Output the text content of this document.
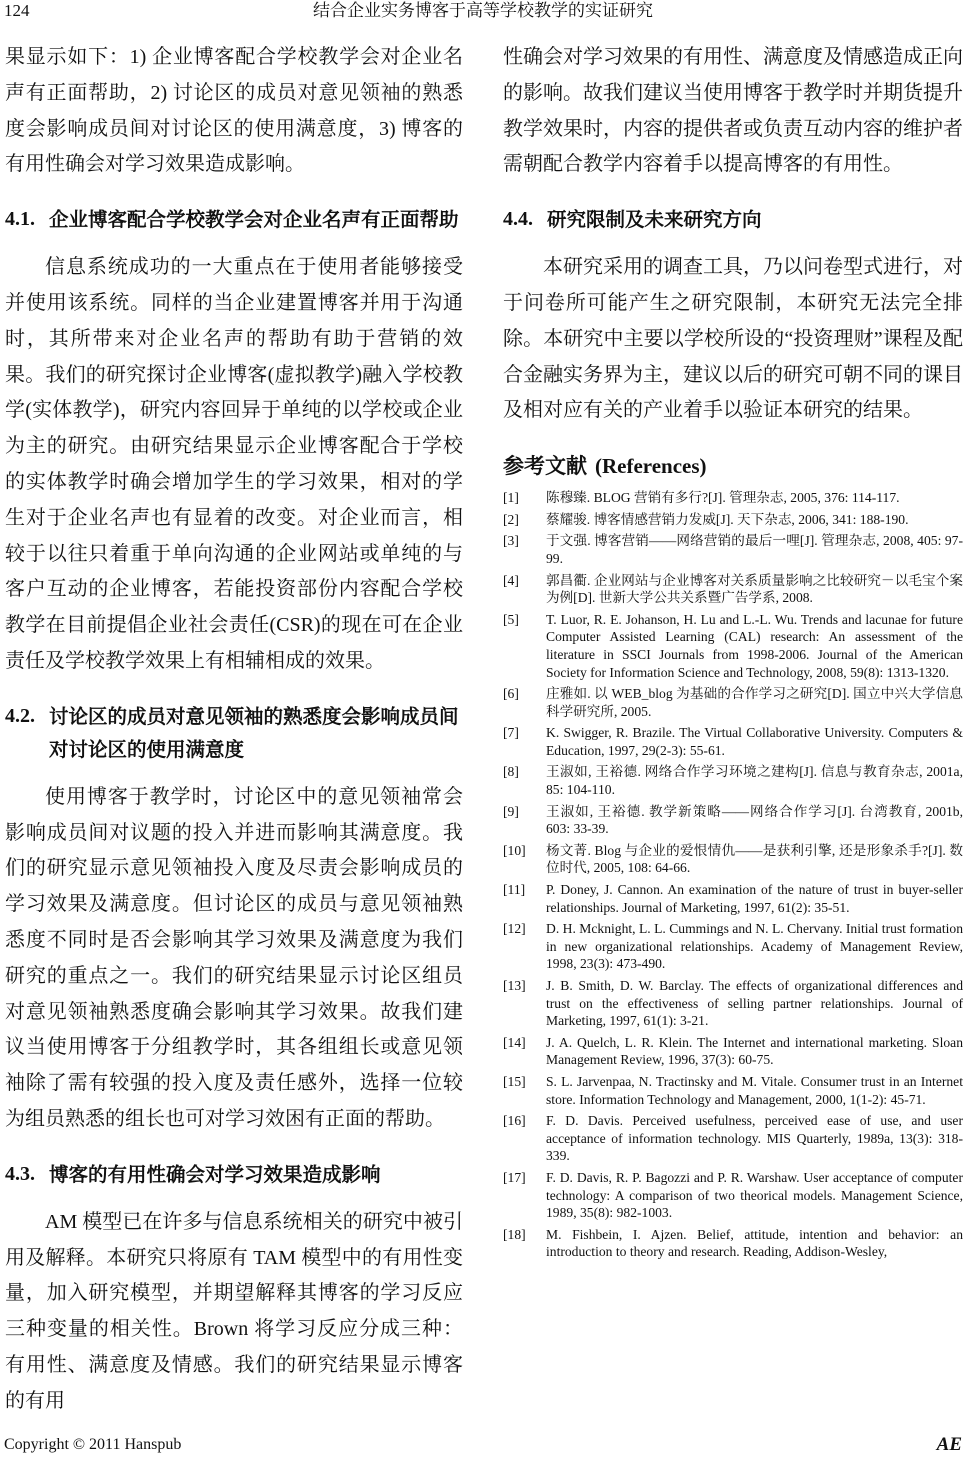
124	结合企业实务博客于高等学校教学的实证研究

果显示如下：1) 企业博客配合学校教学会对企业名声有正面帮助，2) 讨论区的成员对意见领袖的熟悉度会影响成员间对讨论区的使用满意度，3) 博客的有用性确会对学习效果造成影响。

4.1. 企业博客配合学校教学会对企业名声有正面帮助

信息系统成功的一大重点在于使用者能够接受并使用该系统。同样的当企业建置博客并用于沟通时，其所带来对企业名声的帮助有助于营销的效果。我们的研究探讨企业博客(虚拟教学)融入学校教学(实体教学)，研究内容回异于单纯的以学校或企业为主的研究。由研究结果显示企业博客配合于学校的实体教学时确会增加学生的学习效果，相对的学生对于企业名声也有显着的改变。对企业而言，相较于以往只着重于单向沟通的企业网站或单纯的与客户互动的企业博客，若能投资部份内容配合学校教学在目前提倡企业社会责任(CSR)的现在可在企业责任及学校教学效果上有相辅相成的效果。

4.2. 讨论区的成员对意见领袖的熟悉度会影响成员间对讨论区的使用满意度

使用博客于教学时，讨论区中的意见领袖常会影响成员间对议题的投入并进而影响其满意度。我们的研究显示意见领袖投入度及尽责会影响成员的学习效果及满意度。但讨论区的成员与意见领袖熟悉度不同时是否会影响其学习效果及满意度为我们研究的重点之一。我们的研究结果显示讨论区组员对意见领袖熟悉度确会影响其学习效果。故我们建议当使用博客于分组教学时，其各组组长或意见领袖除了需有较强的投入度及责任感外，选择一位较为组员熟悉的组长也可对学习效困有正面的帮助。

4.3. 博客的有用性确会对学习效果造成影响

AM 模型已在许多与信息系统相关的研究中被引用及解释。本研究只将原有 TAM 模型中的有用性变量，加入研究模型，并期望解释其博客的学习反应三种变量的相关性。Brown 将学习反应分成三种：有用性、满意度及情感。我们的研究结果显示博客的有用

性确会对学习效果的有用性、满意度及情感造成正向的影响。故我们建议当使用博客于教学时并期货提升教学效果时，内容的提供者或负责互动内容的维护者需朝配合教学内容着手以提高博客的有用性。

4.4. 研究限制及未来研究方向

本研究采用的调查工具，乃以问卷型式进行，对于问卷所可能产生之研究限制，本研究无法完全排除。本研究中主要以学校所设的“投资理财”课程及配合金融实务界为主，建议以后的研究可朝不同的课目及相对应有关的产业着手以验证本研究的结果。

参考文献 (References)
[1]	陈穆臻. BLOG 营销有多行?[J]. 管理杂志, 2005, 376: 114-117.
[2]	蔡耀骏. 博客情感营销力发威[J]. 天下杂志, 2006, 341: 188-190.
[3]	于文强. 博客营销——网络营销的最后一哩[J]. 管理杂志, 2008, 405: 97-99.
[4]	郭昌衢. 企业网站与企业博客对关系质量影响之比较研究－以毛宝个案为例[D]. 世新大学公共关系暨广告学系, 2008.
[5]	T. Luor, R. E. Johanson, H. Lu and L.-L. Wu. Trends and lacunae for future Computer Assisted Learning (CAL) research: An assessment of the literature in SSCI Journals from 1998-2006. Journal of the American Society for Information Science and Technology, 2008, 59(8): 1313-1320.
[6]	庄雅如. 以 WEB_blog 为基础的合作学习之研究[D]. 国立中兴大学信息科学研究所, 2005.
[7]	K. Swigger, R. Brazile. The Virtual Collaborative University. Computers & Education, 1997, 29(2-3): 55-61.
[8]	王淑如, 王裕德. 网络合作学习环境之建构[J]. 信息与教育杂志, 2001a, 85: 104-110.
[9]	王淑如, 王裕德. 教学新策略——网络合作学习[J]. 台湾教育, 2001b, 603: 33-39.
[10]	杨文菁. Blog 与企业的爱恨情仇——是获利引擎, 还是形象杀手?[J]. 数位时代, 2005, 108: 64-66.
[11]	P. Doney, J. Cannon. An examination of the nature of trust in buyer-seller relationships. Journal of Marketing, 1997, 61(2): 35-51.
[12]	D. H. Mcknight, L. L. Cummings and N. L. Chervany. Initial trust formation in new organizational relationships. Academy of Management Review, 1998, 23(3): 473-490.
[13]	J. B. Smith, D. W. Barclay. The effects of organizational differences and trust on the effectiveness of selling partner relationships. Journal of Marketing, 1997, 61(1): 3-21.
[14]	J. A. Quelch, L. R. Klein. The Internet and international marketing. Sloan Management Review, 1996, 37(3): 60-75.
[15]	S. L. Jarvenpaa, N. Tractinsky and M. Vitale. Consumer trust in an Internet store. Information Technology and Management, 2000, 1(1-2): 45-71.
[16]	F. D. Davis. Perceived usefulness, perceived ease of use, and user acceptance of information technology. MIS Quarterly, 1989a, 13(3): 318-339.
[17]	F. D. Davis, R. P. Bagozzi and P. R. Warshaw. User acceptance of computer technology: A comparison of two theorical models. Management Science, 1989, 35(8): 982-1003.
[18]	M. Fishbein, I. Ajzen. Belief, attitude, intention and behavior: an introduction to theory and research. Reading, Addison-Wesley,
Copyright © 2011 Hanspub	AE
